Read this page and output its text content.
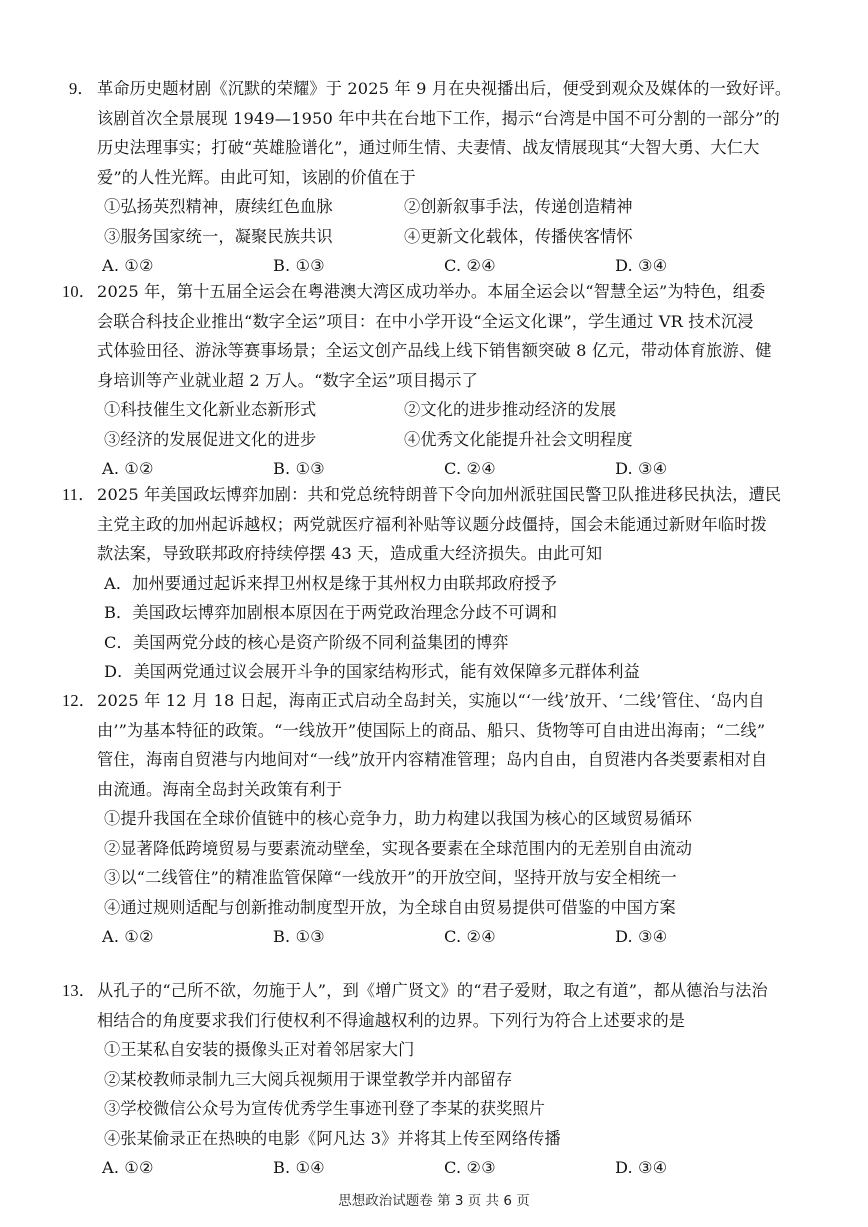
9． 革命历史题材剧《沉默的荣耀》于 2025 年 9 月在央视播出后，便受到观众及媒体的一致好评。
该剧首次全景展现 1949—1950 年中共在台地下工作，揭示“台湾是中国不可分割的一部分”的
历史法理事实；打破“英雄脸谱化”，通过师生情、夫妻情、战友情展现其“大智大勇、大仁大
爱”的人性光辉。由此可知，该剧的价值在于
①弘扬英烈精神，赓续红色血脉	②创新叙事手法，传递创造精神
③服务国家统一，凝聚民族共识	④更新文化载体，传播侠客情怀
A. ①②	B. ①③	C. ②④	D. ③④
10．2025 年，第十五届全运会在粤港澳大湾区成功举办。本届全运会以“智慧全运”为特色，组委
会联合科技企业推出“数字全运”项目：在中小学开设“全运文化课”，学生通过 VR 技术沉浸
式体验田径、游泳等赛事场景；全运文创产品线上线下销售额突破 8 亿元，带动体育旅游、健
身培训等产业就业超 2 万人。“数字全运”项目揭示了
①科技催生文化新业态新形式	②文化的进步推动经济的发展
③经济的发展促进文化的进步	④优秀文化能提升社会文明程度
A. ①②	B. ①③	C. ②④	D. ③④
11． 2025 年美国政坛博弈加剧：共和党总统特朗普下令向加州派驻国民警卫队推进移民执法，遭民
主党主政的加州起诉越权；两党就医疗福利补贴等议题分歧僵持，国会未能通过新财年临时拨
款法案，导致联邦政府持续停摆 43 天，造成重大经济损失。由此可知
A．加州要通过起诉来捍卫州权是缘于其州权力由联邦政府授予
B．美国政坛博弈加剧根本原因在于两党政治理念分歧不可调和
C．美国两党分歧的核心是资产阶级不同利益集团的博弈
D．美国两党通过议会展开斗争的国家结构形式，能有效保障多元群体利益
12．2025 年 12 月 18 日起，海南正式启动全岛封关，实施以“‘一线’放开、‘二线’管住、‘岛内自
由’”为基本特征的政策。“一线放开”使国际上的商品、船只、货物等可自由进出海南；“二线”
管住，海南自贸港与内地间对“一线”放开内容精准管理；岛内自由，自贸港内各类要素相对自
由流通。海南全岛封关政策有利于
①提升我国在全球价值链中的核心竞争力，助力构建以我国为核心的区域贸易循环
②显著降低跨境贸易与要素流动壁垒，实现各要素在全球范围内的无差别自由流动
③以“二线管住”的精准监管保障“一线放开”的开放空间，坚持开放与安全相统一
④通过规则适配与创新推动制度型开放，为全球自由贸易提供可借鉴的中国方案
A. ①②	B. ①③	C. ②④	D. ③④
13．从孔子的“己所不欲，勿施于人”，到《增广贤文》的“君子爱财，取之有道”，都从德治与法治
相结合的角度要求我们行使权利不得逾越权利的边界。下列行为符合上述要求的是
①王某私自安装的摄像头正对着邻居家大门
②某校教师录制九三大阅兵视频用于课堂教学并内部留存
③学校微信公众号为宣传优秀学生事迹刊登了李某的获奖照片
④张某偷录正在热映的电影《阿凡达 3》并将其上传至网络传播
A. ①②	B. ①④	C. ②③	D. ③④
思想政治试题卷 第 3 页 共 6 页
